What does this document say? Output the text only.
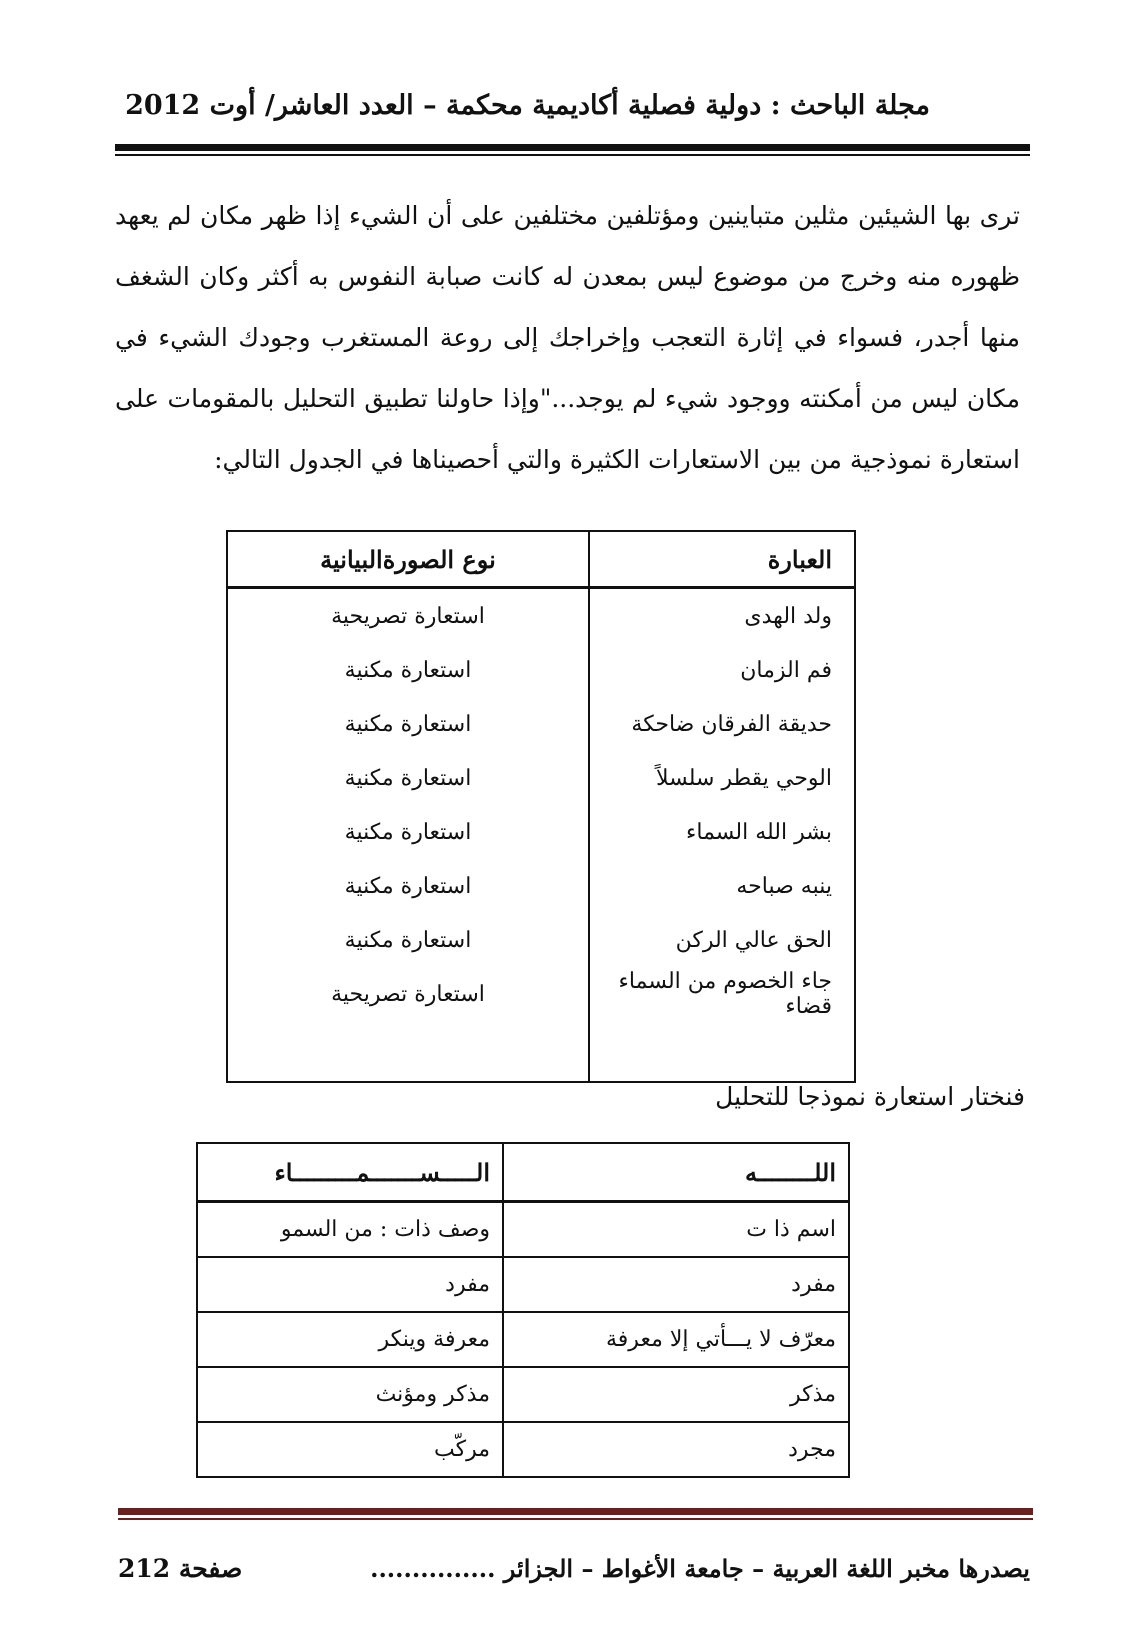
مجلة الباحث : دولية فصلية أكاديمية محكمة – العدد العاشر/ أوت 2012

ترى بها الشيئين مثلين متباينين ومؤتلفين مختلفين على أن الشيء إذا ظهر مكان لم يعهد ظهوره منه وخرج من موضوع ليس بمعدن له كانت صبابة النفوس به أكثر وكان الشغف منها أجدر، فسواء في إثارة التعجب وإخراجك إلى روعة المستغرب وجودك الشيء في مكان ليس من أمكنته ووجود شيء لم يوجد..."وإذا حاولنا تطبيق التحليل بالمقومات على استعارة نموذجية من بين الاستعارات الكثيرة والتي أحصيناها في الجدول التالي:

العبارة	نوع الصورةالبيانية
ولد الهدى	استعارة تصريحية
فم الزمان	استعارة مكنية
حديقة الفرقان ضاحكة	استعارة مكنية
الوحي يقطر سلسلاً	استعارة مكنية
بشر الله السماء	استعارة مكنية
ينبه صباحه	استعارة مكنية
الحق عالي الركن	استعارة مكنية
جاء الخصوم من السماء قضاء	استعارة تصريحية

فنختار استعارة نموذجا للتحليل
اللــــــــه	الـــــســـــــمـــــــــاء
اسم ذا ت	وصف ذات : من السمو
مفرد	مفرد
معرّف لا يـــأتي إلا معرفة	معرفة وينكر
مذكر	مذكر ومؤنث
مجرد	مركّب
يصدرها مخبر اللغة العربية – جامعة الأغواط – الجزائر ...............
صفحة 212
